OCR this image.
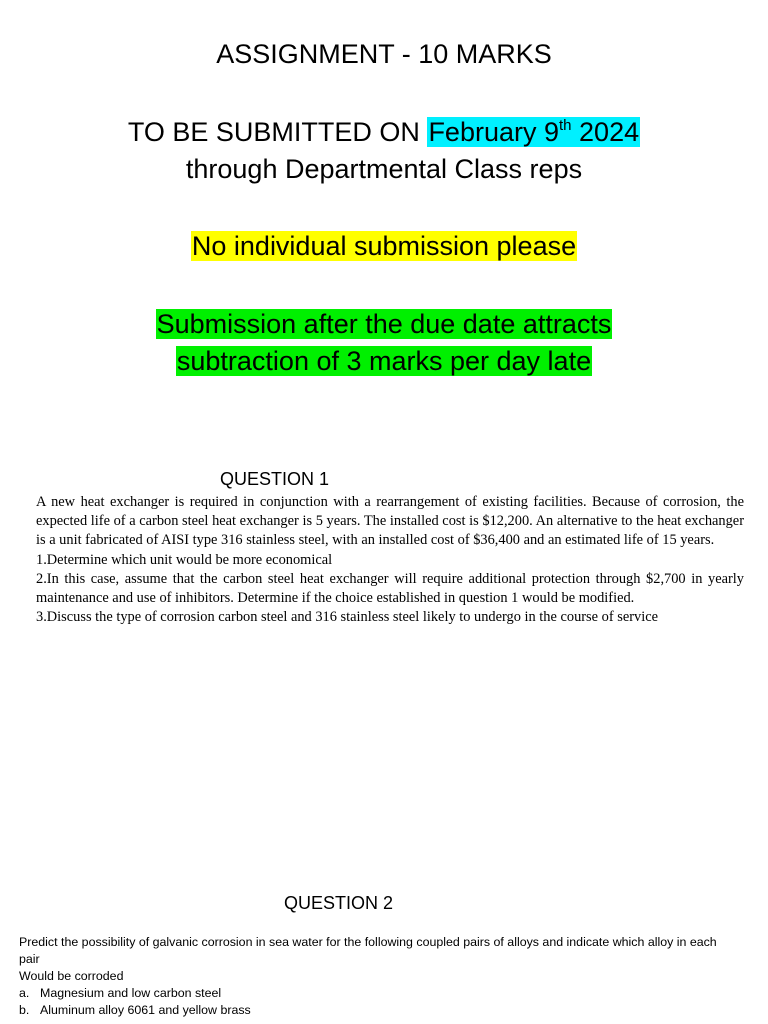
ASSIGNMENT - 10 MARKS
TO BE SUBMITTED ON February 9th 2024
through Departmental Class reps
No individual submission please
Submission after the due date attracts
subtraction of 3 marks per day late
QUESTION 1

A new heat exchanger is required in conjunction with a rearrangement of existing facilities. Because of corrosion, the expected life of a carbon steel heat exchanger is 5 years. The installed cost is $12,200. An alternative to the heat exchanger is a unit fabricated of AISI type 316 stainless steel, with an installed cost of $36,400 and an estimated life of 15 years.

1.Determine which unit would be more economical

2.In this case, assume that the carbon steel heat exchanger will require additional protection through $2,700 in yearly maintenance and use of inhibitors. Determine if the choice established in question 1 would be modified.

3.Discuss the type of corrosion carbon steel and 316 stainless steel likely to undergo in the course of service

QUESTION 2
Predict the possibility of galvanic corrosion in sea water for the following coupled pairs of alloys and indicate which alloy in each pair
Would be corroded
a. Magnesium and low carbon steel
b. Aluminum alloy 6061 and yellow brass
